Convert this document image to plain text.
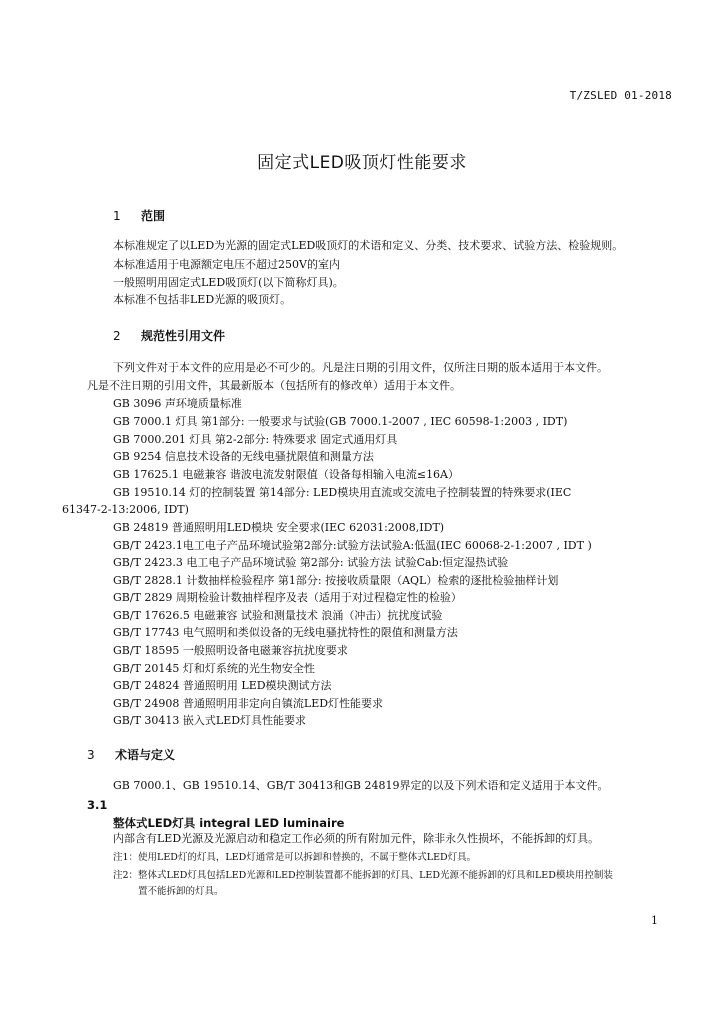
T/ZSLED 01-2018
固定式LED吸顶灯性能要求
1 范围
本标准规定了以LED为光源的固定式LED吸顶灯的术语和定义、分类、技术要求、试验方法、检验规则。
本标准适用于电源额定电压不超过250V的室内
一般照明用固定式LED吸顶灯(以下简称灯具)。
本标准不包括非LED光源的吸顶灯。
2 规范性引用文件
下列文件对于本文件的应用是必不可少的。凡是注日期的引用文件，仅所注日期的版本适用于本文件。
凡是不注日期的引用文件，其最新版本（包括所有的修改单）适用于本文件。
GB 3096 声环境质量标准
GB 7000.1 灯具 第1部分: 一般要求与试验(GB 7000.1-2007 , IEC 60598-1:2003 , IDT)
GB 7000.201 灯具 第2-2部分: 特殊要求 固定式通用灯具
GB 9254 信息技术设备的无线电骚扰限值和测量方法
GB 17625.1 电磁兼容 谐波电流发射限值（设备每相输入电流≤16A）
GB 19510.14 灯的控制装置 第14部分: LED模块用直流或交流电子控制装置的特殊要求(IEC
61347-2-13:2006, IDT)
GB 24819 普通照明用LED模块 安全要求(IEC 62031:2008,IDT)
GB/T 2423.1电工电子产品环境试验第2部分:试验方法试验A:低温(IEC 60068-2-1:2007 , IDT )
GB/T 2423.3 电工电子产品环境试验 第2部分: 试验方法 试验Cab:恒定湿热试验
GB/T 2828.1 计数抽样检验程序 第1部分: 按接收质量限（AQL）检索的逐批检验抽样计划
GB/T 2829 周期检验计数抽样程序及表（适用于对过程稳定性的检验）
GB/T 17626.5 电磁兼容 试验和测量技术 浪涌（冲击）抗扰度试验
GB/T 17743 电气照明和类似设备的无线电骚扰特性的限值和测量方法
GB/T 18595 一般照明设备电磁兼容抗扰度要求
GB/T 20145 灯和灯系统的光生物安全性
GB/T 24824 普通照明用 LED模块测试方法
GB/T 24908 普通照明用非定向自镇流LED灯性能要求
GB/T 30413 嵌入式LED灯具性能要求
3 术语与定义
GB 7000.1、GB 19510.14、GB/T 30413和GB 24819界定的以及下列术语和定义适用于本文件。
3.1
整体式LED灯具 integral LED luminaire
内部含有LED光源及光源启动和稳定工作必须的所有附加元件，除非永久性损坏，不能拆卸的灯具。
注1：使用LED灯的灯具，LED灯通常是可以拆卸和替换的，不属于整体式LED灯具。
注2：整体式LED灯具包括LED光源和LED控制装置都不能拆卸的灯具、LED光源不能拆卸的灯具和LED模块用控制装
置不能拆卸的灯具。
1
